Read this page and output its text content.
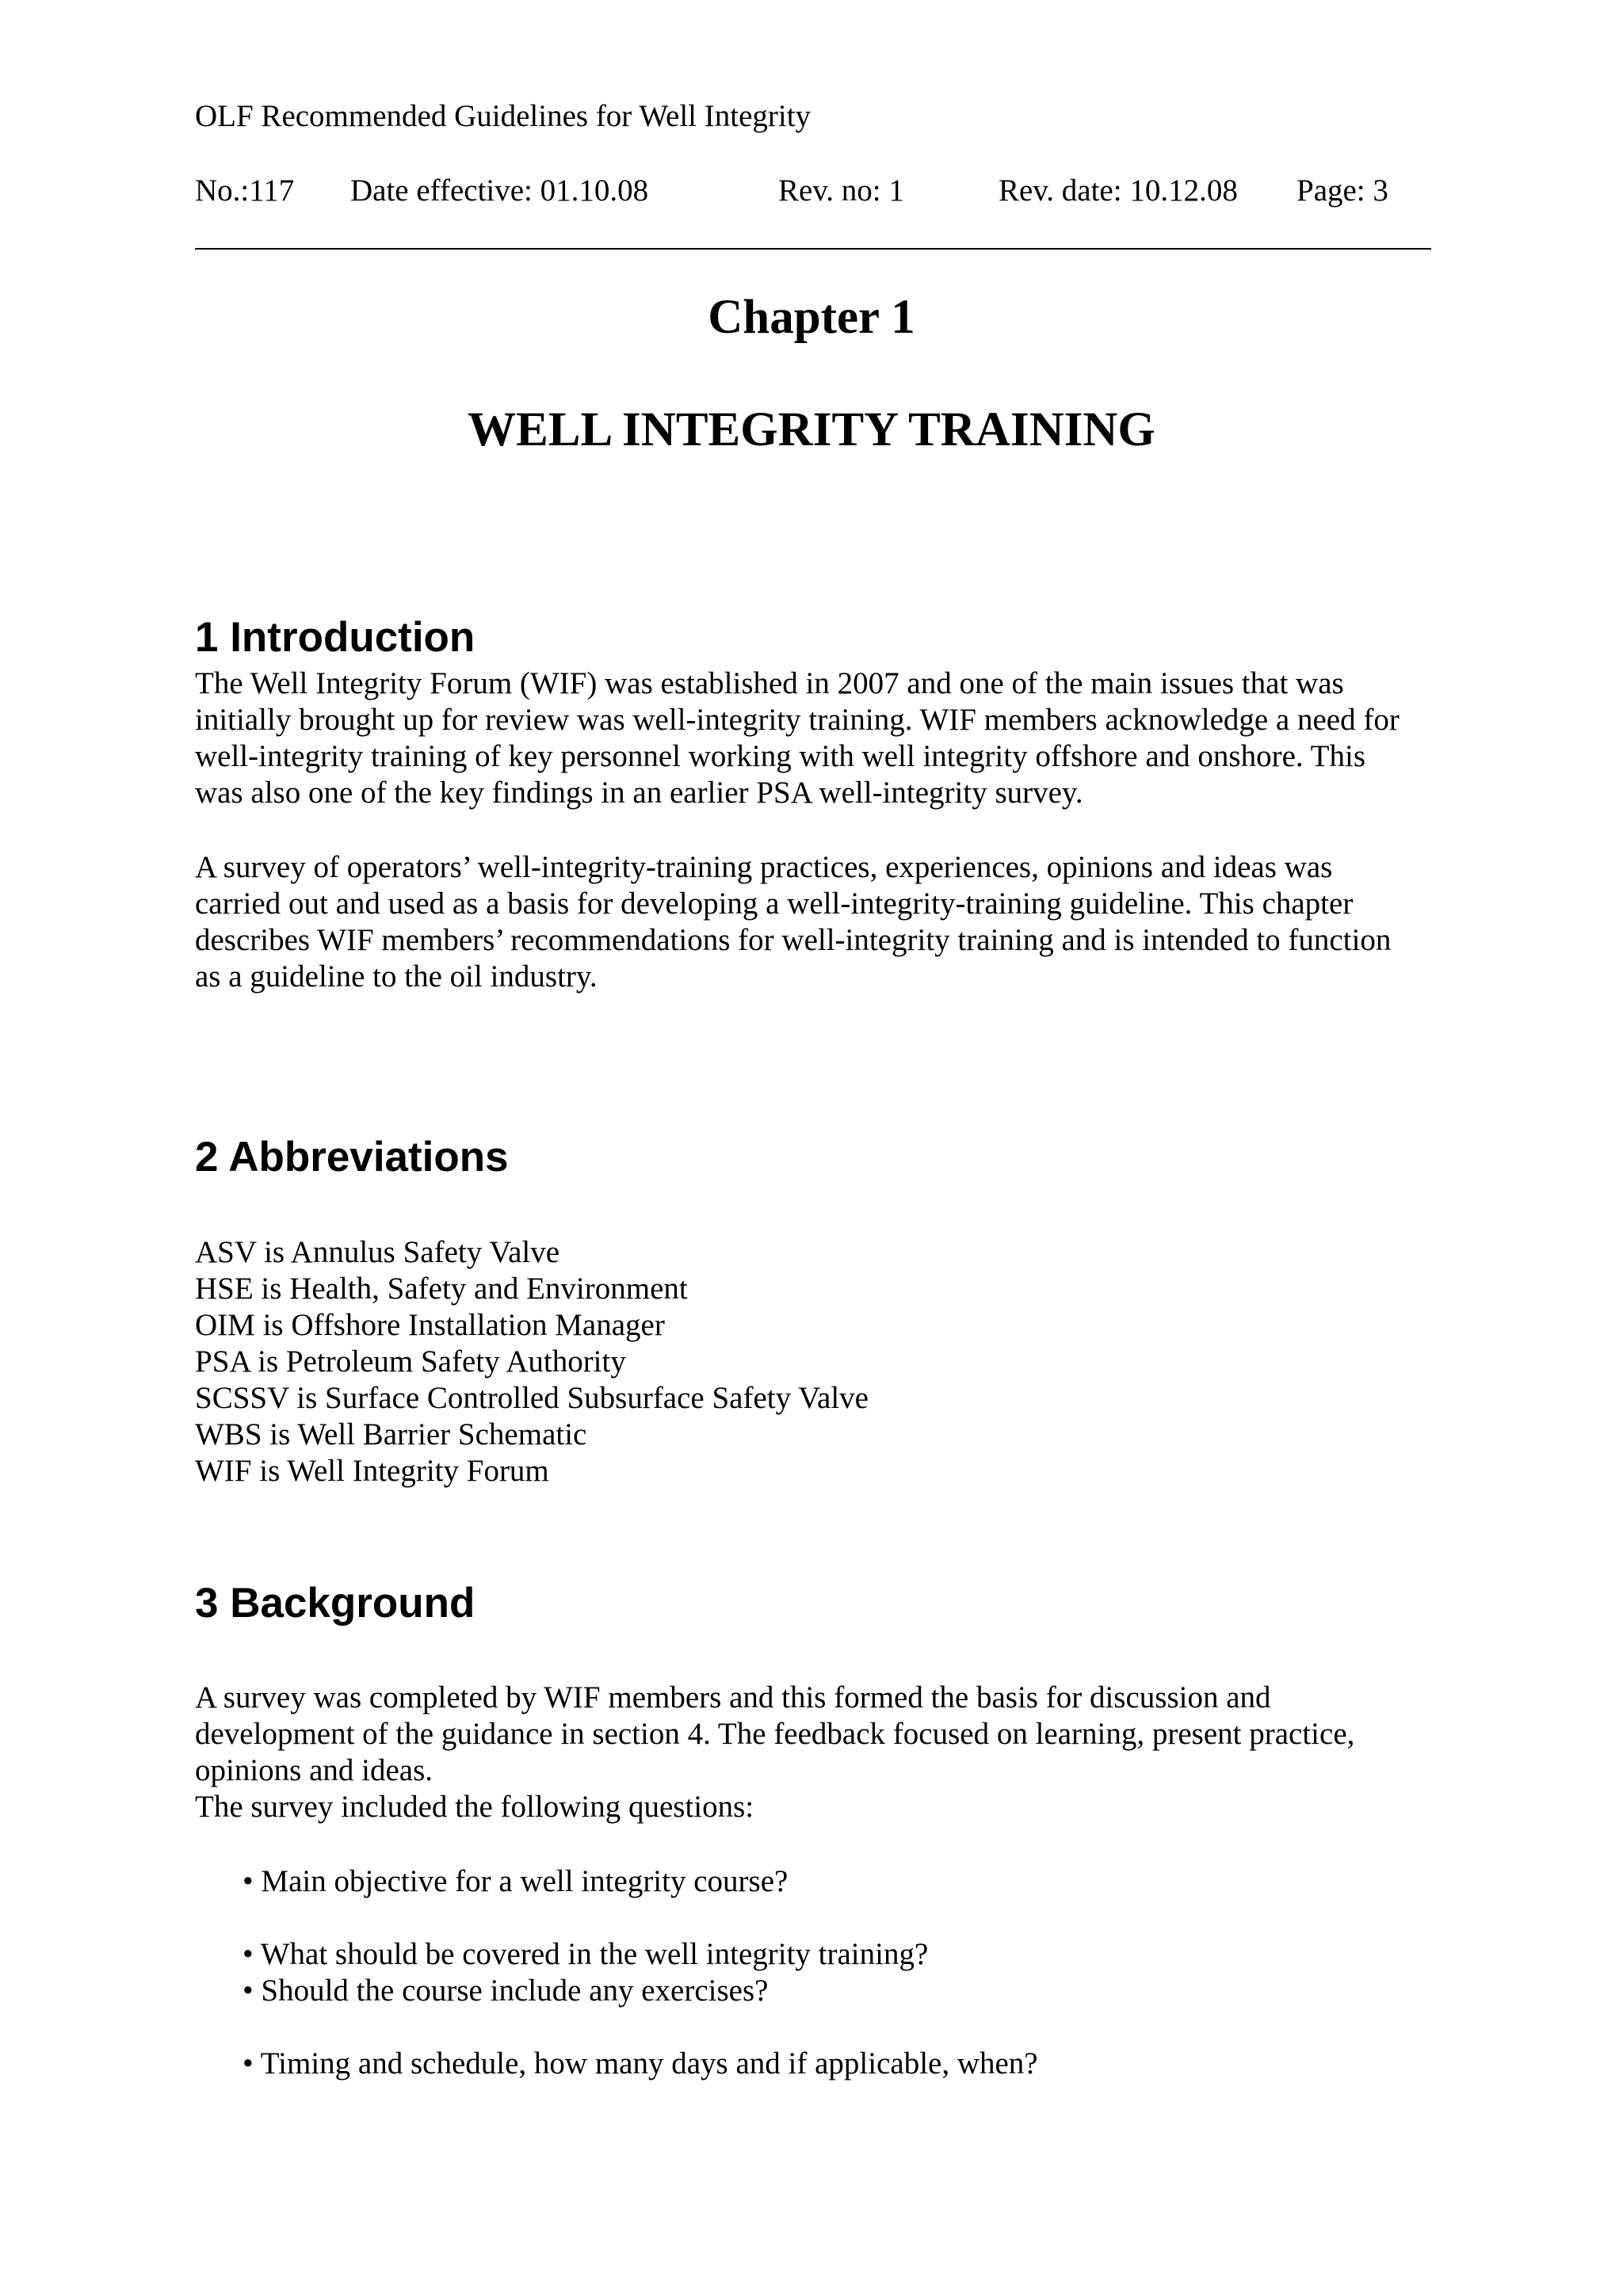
OLF Recommended Guidelines for Well Integrity
No.:117 Date effective: 01.10.08	Rev. no: 1	Rev. date: 10.12.08 Page: 3
Chapter 1
WELL INTEGRITY TRAINING
1 Introduction
The Well Integrity Forum (WIF) was established in 2007 and one of the main issues that was
initially brought up for review was well-integrity training. WIF members acknowledge a need for
well-integrity training of key personnel working with well integrity offshore and onshore. This
was also one of the key findings in an earlier PSA well-integrity survey.
A survey of operators’ well-integrity-training practices, experiences, opinions and ideas was
carried out and used as a basis for developing a well-integrity-training guideline. This chapter
describes WIF members’ recommendations for well-integrity training and is intended to function
as a guideline to the oil industry.
2 Abbreviations
ASV is Annulus Safety Valve
HSE is Health, Safety and Environment
OIM is Offshore Installation Manager
PSA is Petroleum Safety Authority
SCSSV is Surface Controlled Subsurface Safety Valve
WBS is Well Barrier Schematic
WIF is Well Integrity Forum
3 Background
A survey was completed by WIF members and this formed the basis for discussion and
development of the guidance in section 4. The feedback focused on learning, present practice,
opinions and ideas.
The survey included the following questions:
• Main objective for a well integrity course?
• What should be covered in the well integrity training?
• Should the course include any exercises?
• Timing and schedule, how many days and if applicable, when?
